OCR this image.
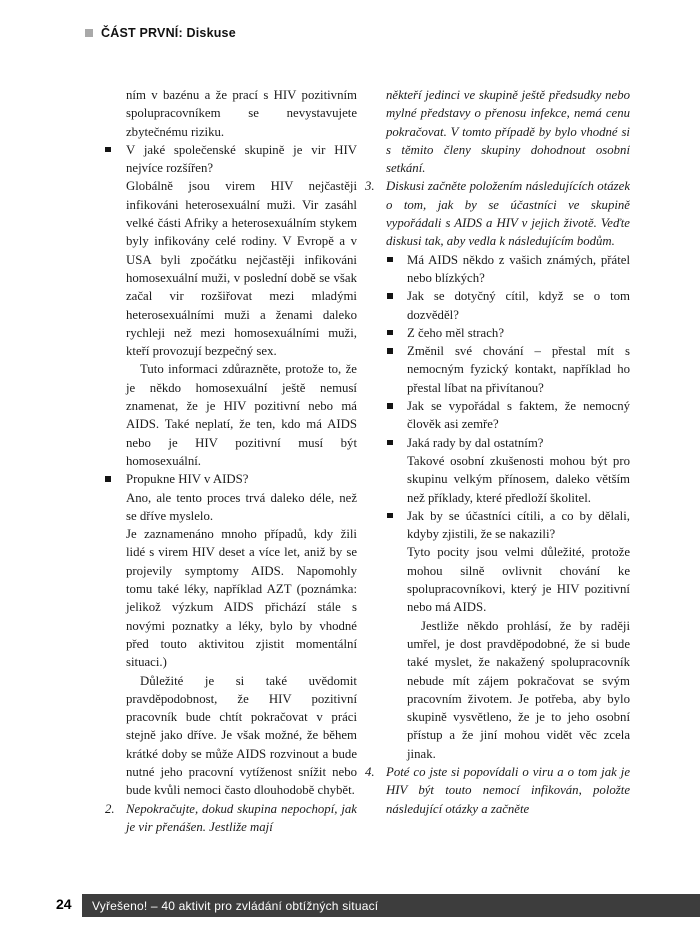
ČÁST PRVNÍ: Diskuse
ním v bazénu a že prací s HIV pozitivním spolupracovníkem se nevystavujete zbytečnému riziku.
V jaké společenské skupině je vir HIV nejvíce rozšířen?
Globálně jsou virem HIV nejčastěji infikováni heterosexuální muži. Vir zasáhl velké části Afriky a heterosexuálním stykem byly infikovány celé rodiny. V Evropě a v USA byli zpočátku nejčastěji infikováni homosexuální muži, v poslední době se však začal vir rozšiřovat mezi mladými heterosexuálními muži a ženami daleko rychleji než mezi homosexuálními muži, kteří provozují bezpečný sex.
Tuto informaci zdůrazněte, protože to, že je někdo homosexuální ještě nemusí znamenat, že je HIV pozitivní nebo má AIDS. Také neplatí, že ten, kdo má AIDS nebo je HIV pozitivní musí být homosexuální.
Propukne HIV v AIDS?
Ano, ale tento proces trvá daleko déle, než se dříve myslelo.
Je zaznamenáno mnoho případů, kdy žili lidé s virem HIV deset a více let, aniž by se projevily symptomy AIDS. Napomohly tomu také léky, například AZT (poznámka: jelikož výzkum AIDS přichází stále s novými poznatky a léky, bylo by vhodné před touto aktivitou zjistit momentální situaci.)
Důležité je si také uvědomit pravděpodobnost, že HIV pozitivní pracovník bude chtít pokračovat v práci stejně jako dříve. Je však možné, že během krátké doby se může AIDS rozvinout a bude nutné jeho pracovní vytíženost snížit nebo bude kvůli nemoci často dlouhodobě chybět.
2. Nepokračujte, dokud skupina nepochopí, jak je vir přenášen. Jestliže mají
někteří jedinci ve skupině ještě předsudky nebo mylné představy o přenosu infekce, nemá cenu pokračovat. V tomto případě by bylo vhodné si s těmito členy skupiny dohodnout osobní setkání.
3. Diskusi začněte položením následujících otázek o tom, jak by se účastníci ve skupině vypořádali s AIDS a HIV v jejich životě. Veďte diskusi tak, aby vedla k následujícím bodům.
Má AIDS někdo z vašich známých, přátel nebo blízkých?
Jak se dotyčný cítil, když se o tom dozvěděl?
Z čeho měl strach?
Změnil své chování – přestal mít s nemocným fyzický kontakt, například ho přestal líbat na přivítanou?
Jak se vypořádal s faktem, že nemocný člověk asi zemře?
Jaká rady by dal ostatním?
Takové osobní zkušenosti mohou být pro skupinu velkým přínosem, daleko větším než příklady, které předloží školitel.
Jak by se účastníci cítili, a co by dělali, kdyby zjistili, že se nakazili?
Tyto pocity jsou velmi důležité, protože mohou silně ovlivnit chování ke spolupracovníkovi, který je HIV pozitivní nebo má AIDS.
Jestliže někdo prohlásí, že by raději umřel, je dost pravděpodobné, že si bude také myslet, že nakažený spolupracovník nebude mít zájem pokračovat se svým pracovním životem. Je potřeba, aby bylo skupině vysvětleno, že je to jeho osobní přístup a že jiní mohou vidět věc zcela jinak.
4. Poté co jste si popovídali o viru a o tom jak je HIV být touto nemocí infikován, položte následující otázky a začněte
24 Vyřešeno! – 40 aktivit pro zvládání obtížných situací
